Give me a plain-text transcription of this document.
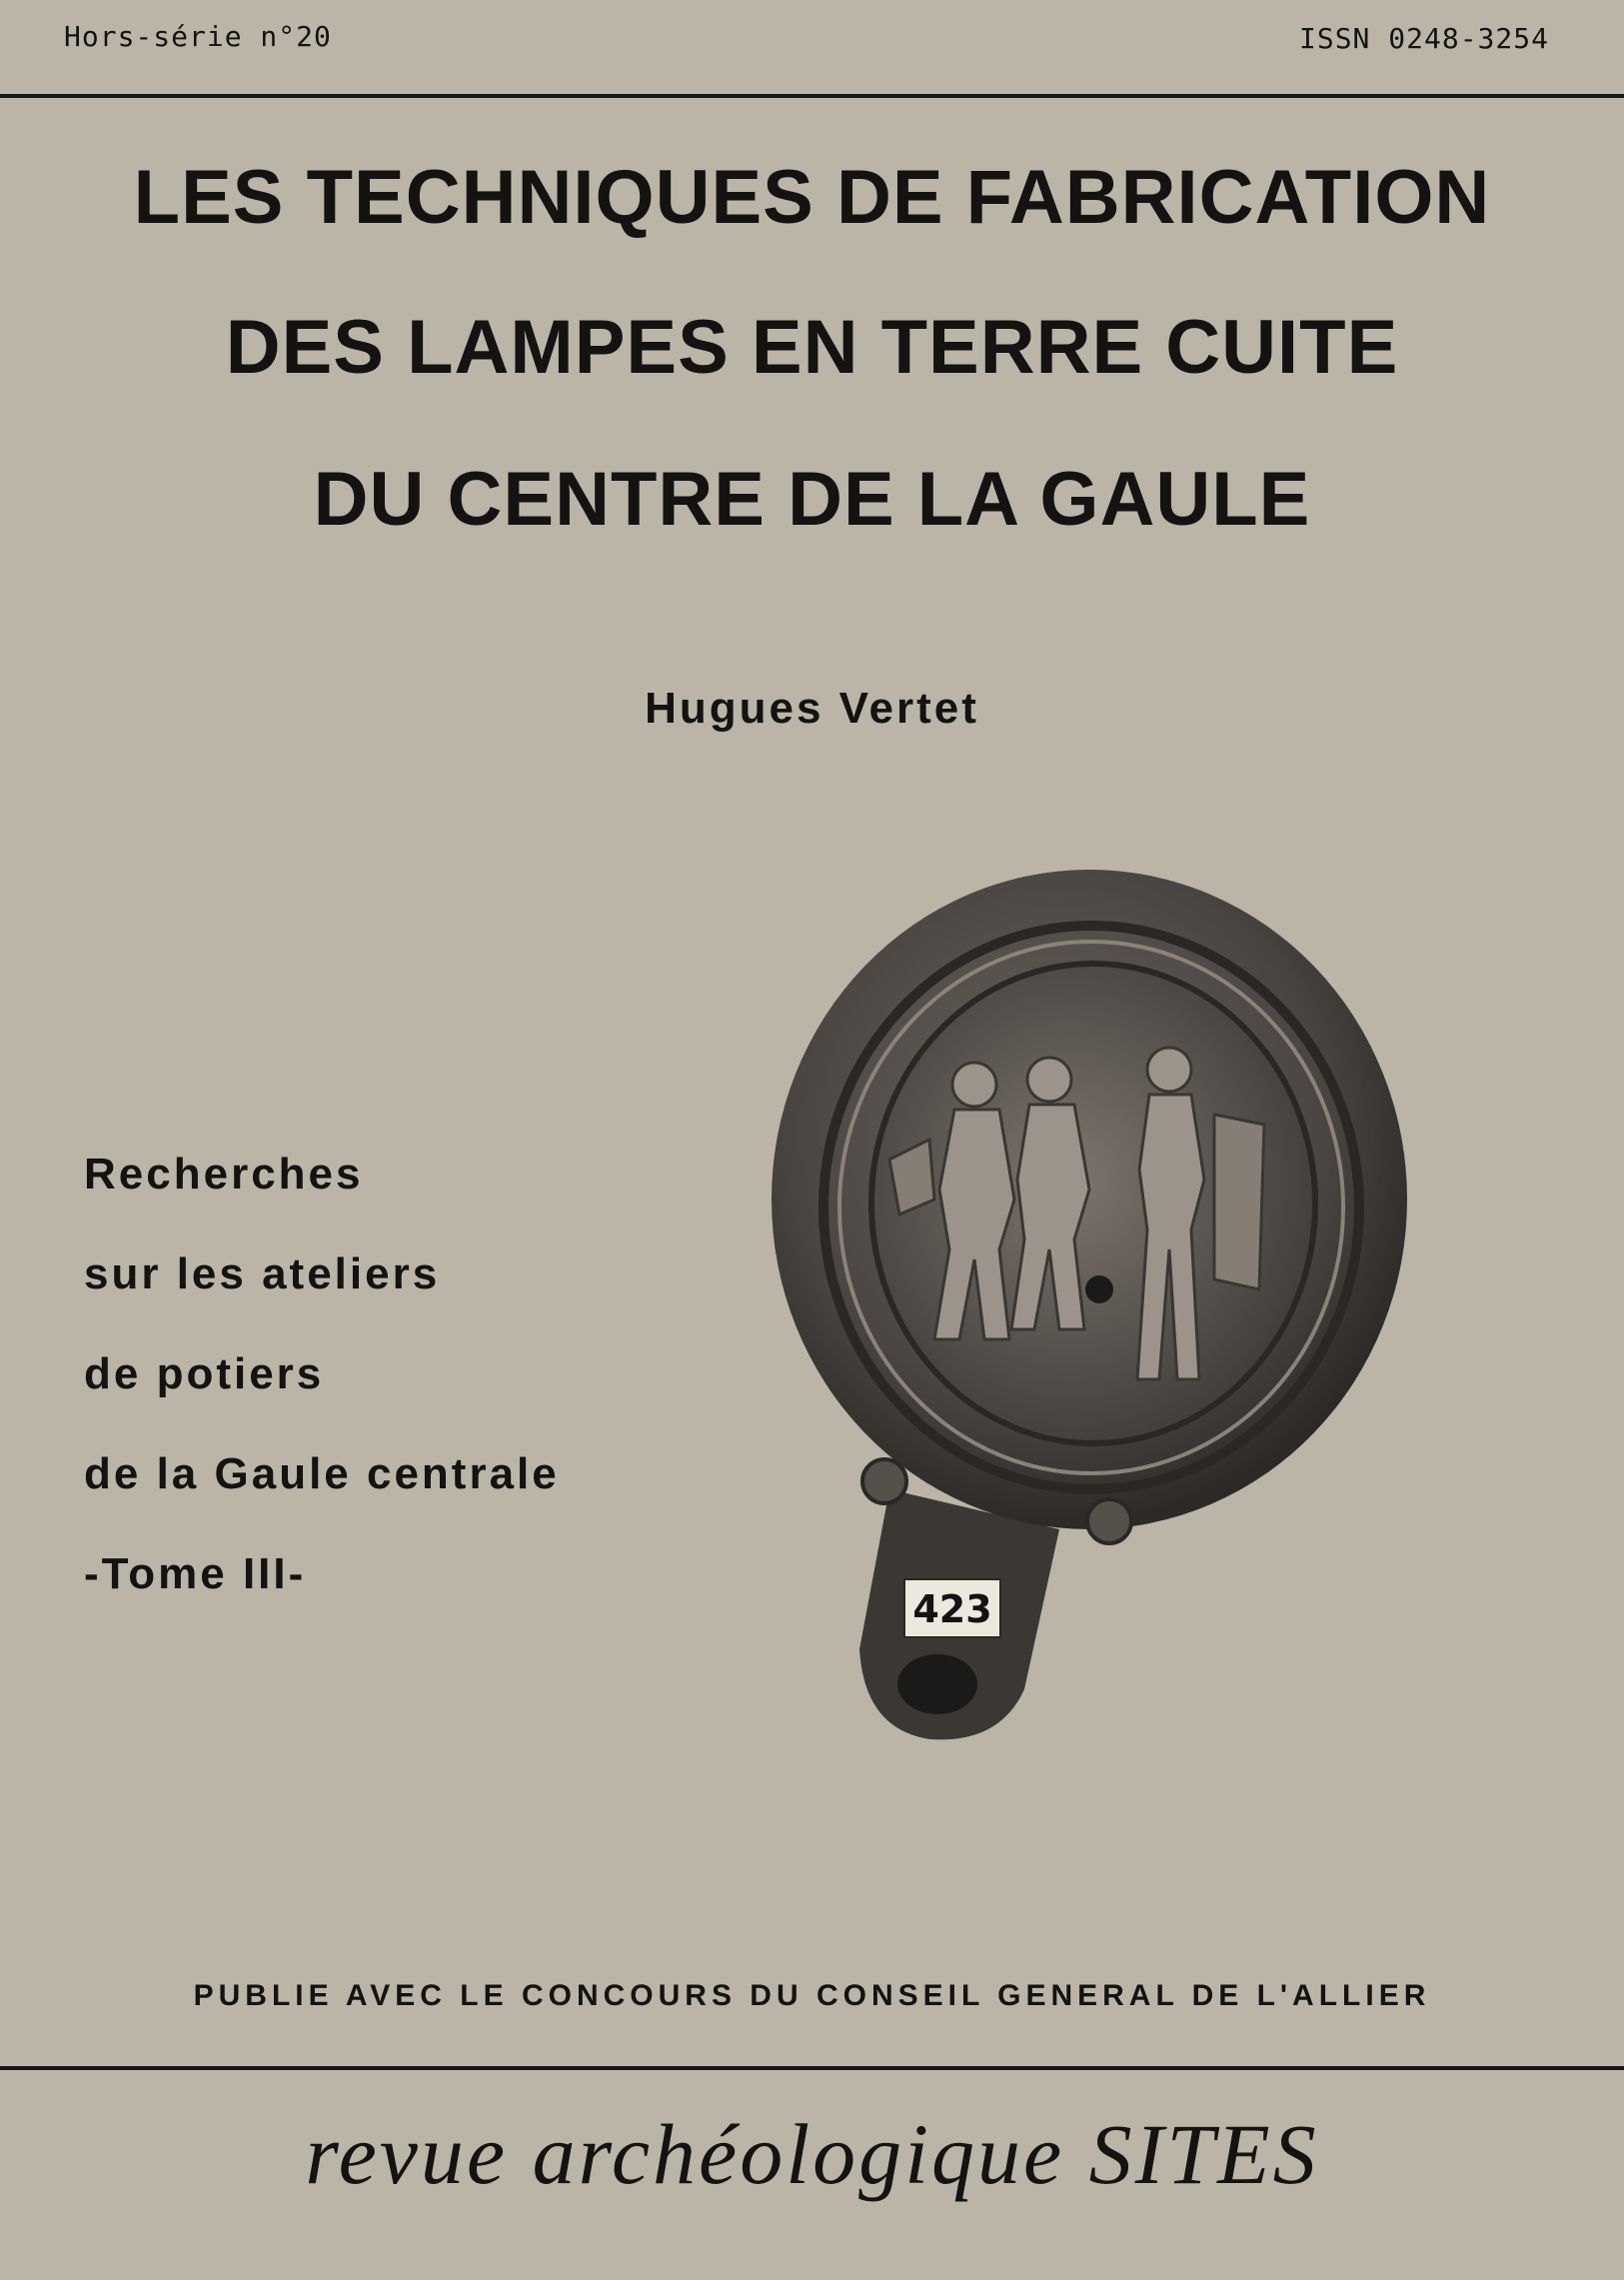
Hors-série n°20	ISSN 0248-3254
LES TECHNIQUES DE FABRICATION
DES LAMPES EN TERRE CUITE
DU CENTRE DE LA GAULE
Hugues Vertet
Recherches
sur les ateliers
de potiers
de la Gaule centrale
-Tome III-
423
PUBLIE AVEC LE CONCOURS DU CONSEIL GENERAL DE L'ALLIER
revue archéologique SITES
